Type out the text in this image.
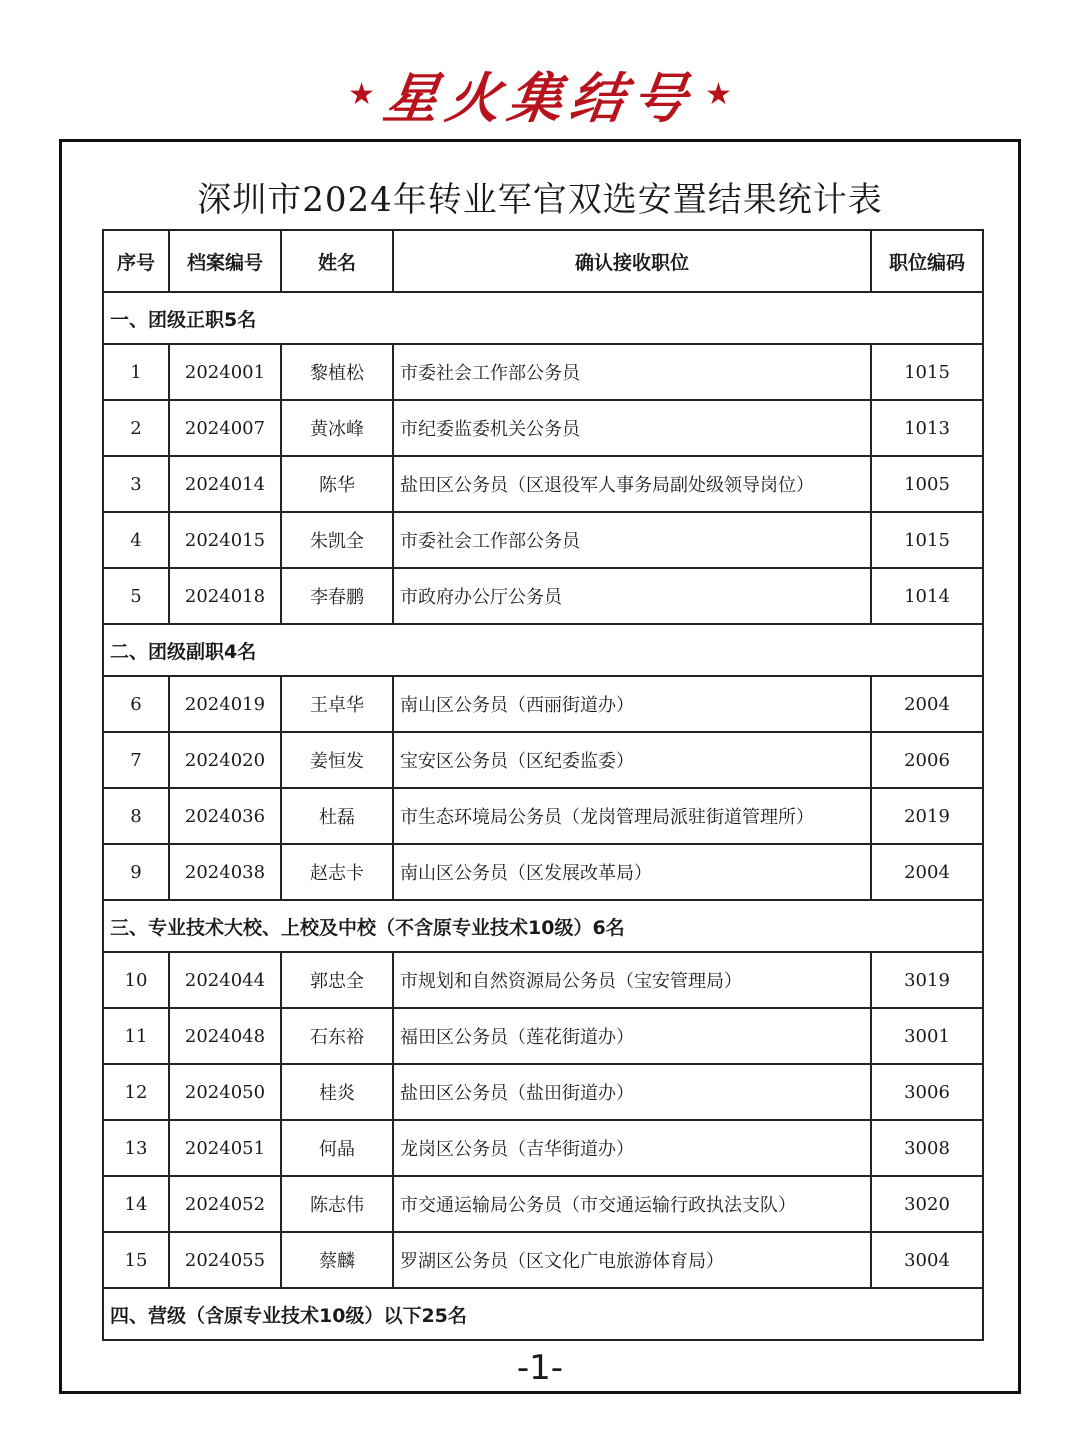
★ 星火集结号 ★
深圳市2024年转业军官双选安置结果统计表
序号	档案编号	姓名	确认接收职位	职位编码
一、团级正职5名				
1	2024001	黎植松	市委社会工作部公务员	1015
2	2024007	黄冰峰	市纪委监委机关公务员	1013
3	2024014	陈华	盐田区公务员（区退役军人事务局副处级领导岗位）	1005
4	2024015	朱凯全	市委社会工作部公务员	1015
5	2024018	李春鹏	市政府办公厅公务员	1014
二、团级副职4名				
6	2024019	王卓华	南山区公务员（西丽街道办）	2004
7	2024020	姜恒发	宝安区公务员（区纪委监委）	2006
8	2024036	杜磊	市生态环境局公务员（龙岗管理局派驻街道管理所）	2019
9	2024038	赵志卡	南山区公务员（区发展改革局）	2004
三、专业技术大校、上校及中校（不含原专业技术10级）6名				
10	2024044	郭忠全	市规划和自然资源局公务员（宝安管理局）	3019
11	2024048	石东裕	福田区公务员（莲花街道办）	3001
12	2024050	桂炎	盐田区公务员（盐田街道办）	3006
13	2024051	何晶	龙岗区公务员（吉华街道办）	3008
14	2024052	陈志伟	市交通运输局公务员（市交通运输行政执法支队）	3020
15	2024055	蔡麟	罗湖区公务员（区文化广电旅游体育局）	3004
四、营级（含原专业技术10级）以下25名				
-1-
